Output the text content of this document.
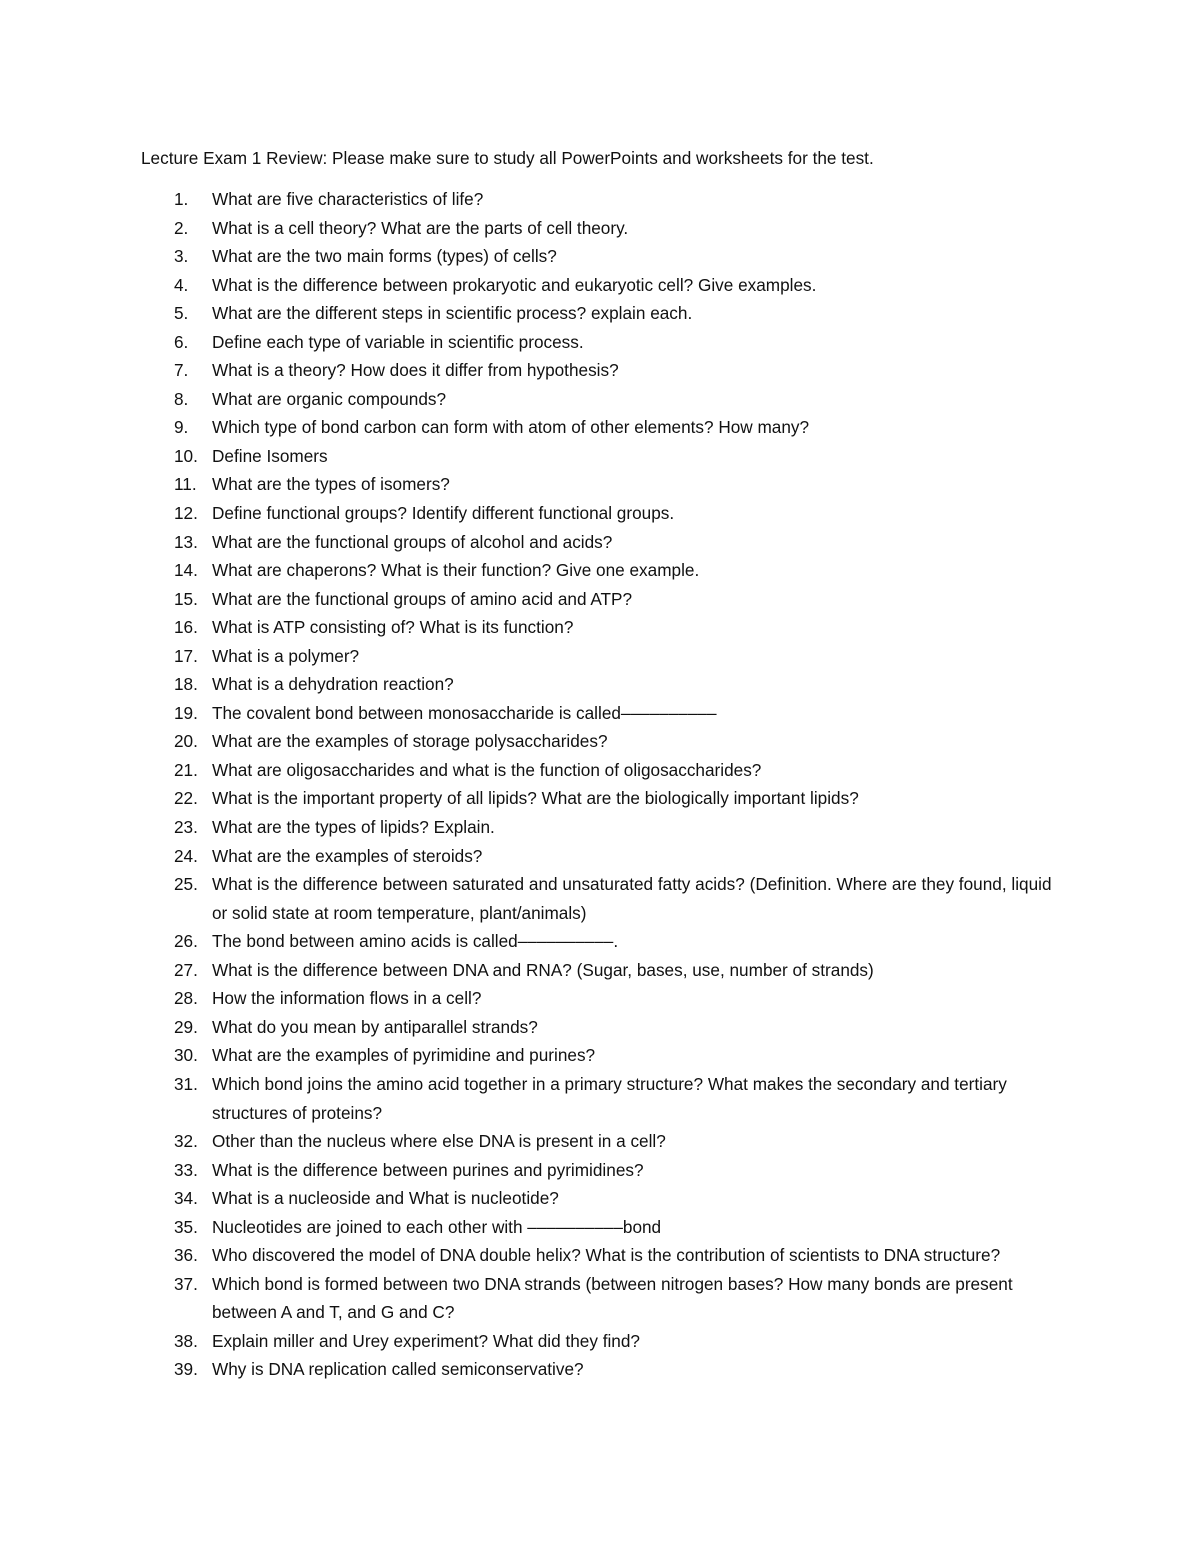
Lecture Exam 1 Review: Please make sure to study all PowerPoints and worksheets for the test.
1.	What are five characteristics of life?
2.	What is a cell theory? What are the parts of cell theory.
3.	What are the two main forms (types) of cells?
4.	What is the difference between prokaryotic and eukaryotic cell? Give examples.
5.	What are the different steps in scientific process? explain each.
6.	Define each type of variable in scientific process.
7.	What is a theory? How does it differ from hypothesis?
8.	What are organic compounds?
9.	Which type of bond carbon can form with atom of other elements? How many?
10. Define Isomers
11. What are the types of isomers?
12. Define functional groups? Identify different functional groups.
13. What are the functional groups of alcohol and acids?
14. What are chaperons? What is their function? Give one example.
15. What are the functional groups of amino acid and ATP?
16. What is ATP consisting of? What is its function?
17. What is a polymer?
18. What is a dehydration reaction?
19. The covalent bond between monosaccharide is called––––––––––
20. What are the examples of storage polysaccharides?
21. What are oligosaccharides and what is the function of oligosaccharides?
22. What is the important property of all lipids? What are the biologically important lipids?
23. What are the types of lipids? Explain.
24. What are the examples of steroids?
25. What is the difference between saturated and unsaturated fatty acids? (Definition. Where are they found, liquid or solid state at room temperature, plant/animals)
26. The bond between amino acids is called––––––––––.
27. What is the difference between DNA and RNA? (Sugar, bases, use, number of strands)
28. How the information flows in a cell?
29. What do you mean by antiparallel strands?
30. What are the examples of pyrimidine and purines?
31. Which bond joins the amino acid together in a primary structure? What makes the secondary and tertiary structures of proteins?
32. Other than the nucleus where else DNA is present in a cell?
33. What is the difference between purines and pyrimidines?
34. What is a nucleoside and What is nucleotide?
35. Nucleotides are joined to each other with ––––––––––bond
36. Who discovered the model of DNA double helix? What is the contribution of scientists to DNA structure?
37. Which bond is formed between two DNA strands (between nitrogen bases? How many bonds are present between A and T, and G and C?
38. Explain miller and Urey experiment? What did they find?
39. Why is DNA replication called semiconservative?
